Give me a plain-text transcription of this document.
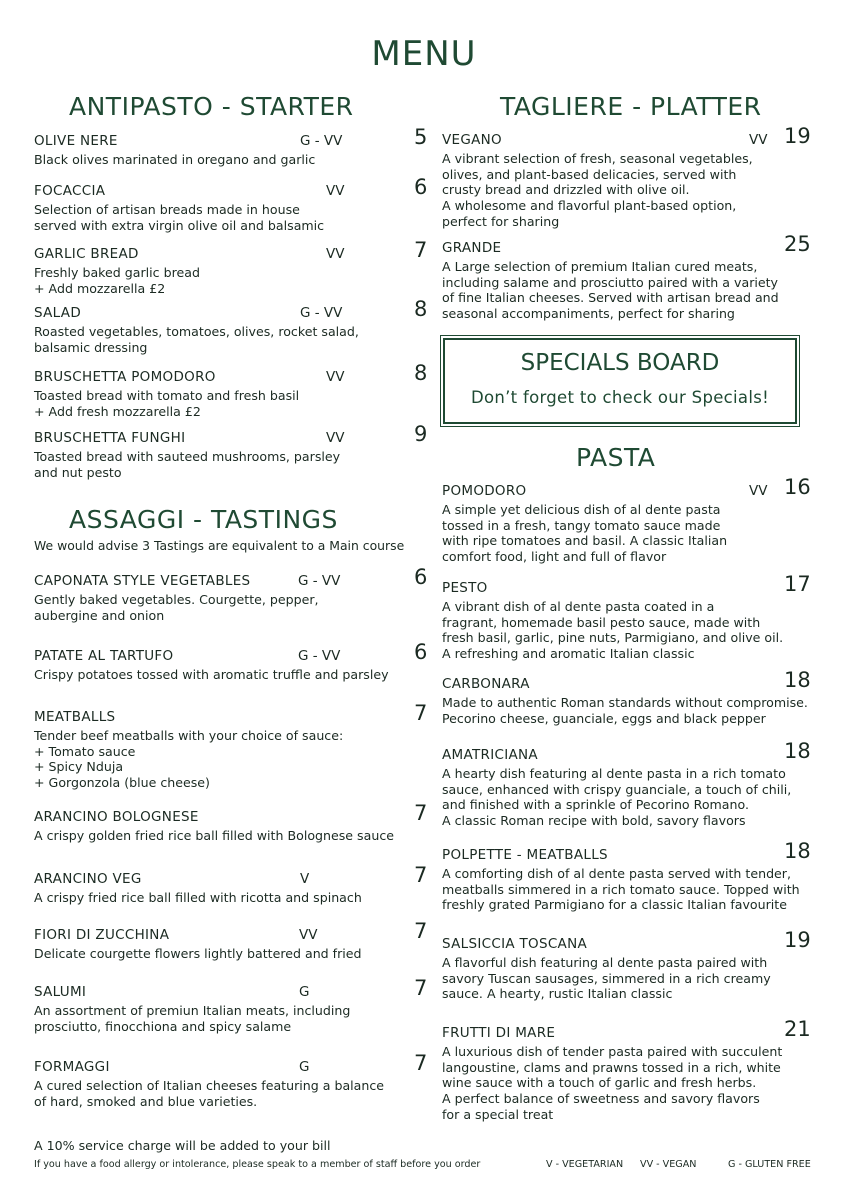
MENU
ANTIPASTO - STARTER
ASSAGGI - TASTINGS
We would advise 3 Tastings are equivalent to a Main course
TAGLIERE - PLATTER
SPECIALS BOARD
Don’t forget to check our Specials!
PASTA
OLIVE NERE	G - VV	5
Black olives marinated in oregano and garlic
FOCACCIA	VV	6
Selection of artisan breads made in house
served with extra virgin olive oil and balsamic
GARLIC BREAD	VV	7
Freshly baked garlic bread
+ Add mozzarella £2
SALAD	G - VV	8
Roasted vegetables, tomatoes, olives, rocket salad,
balsamic dressing
BRUSCHETTA POMODORO	VV	8
Toasted bread with tomato and fresh basil
+ Add fresh mozzarella £2
BRUSCHETTA FUNGHI	VV	9
Toasted bread with sauteed mushrooms, parsley
and nut pesto
CAPONATA STYLE VEGETABLES	G - VV	6
Gently baked vegetables. Courgette, pepper,
aubergine and onion
PATATE AL TARTUFO	G - VV	6
Crispy potatoes tossed with aromatic truffle and parsley
MEATBALLS	7
Tender beef meatballs with your choice of sauce:
+ Tomato sauce
+ Spicy Nduja
+ Gorgonzola (blue cheese)
ARANCINO BOLOGNESE	7
A crispy golden fried rice ball filled with Bolognese sauce
ARANCINO VEG	V	7
A crispy fried rice ball filled with ricotta and spinach
FIORI DI ZUCCHINA	VV	7
Delicate courgette flowers lightly battered and fried
SALUMI	G	7
An assortment of premiun Italian meats, including
prosciutto, finocchiona and spicy salame
FORMAGGI	G	7
A cured selection of Italian cheeses featuring a balance
of hard, smoked and blue varieties.
VEGANO	VV 19
A vibrant selection of fresh, seasonal vegetables,
olives, and plant-based delicacies, served with
crusty bread and drizzled with olive oil.
A wholesome and flavorful plant-based option,
perfect for sharing
GRANDE	25
A Large selection of premium Italian cured meats,
including salame and prosciutto paired with a variety
of fine Italian cheeses. Served with artisan bread and
seasonal accompaniments, perfect for sharing
POMODORO	VV 16
A simple yet delicious dish of al dente pasta
tossed in a fresh, tangy tomato sauce made
with ripe tomatoes and basil. A classic Italian
comfort food, light and full of flavor
PESTO	17
A vibrant dish of al dente pasta coated in a
fragrant, homemade basil pesto sauce, made with
fresh basil, garlic, pine nuts, Parmigiano, and olive oil.
A refreshing and aromatic Italian classic
CARBONARA	18
Made to authentic Roman standards without compromise.
Pecorino cheese, guanciale, eggs and black pepper
AMATRICIANA	18
A hearty dish featuring al dente pasta in a rich tomato
sauce, enhanced with crispy guanciale, a touch of chili,
and finished with a sprinkle of Pecorino Romano.
A classic Roman recipe with bold, savory flavors
POLPETTE - MEATBALLS	18
A comforting dish of al dente pasta served with tender,
meatballs simmered in a rich tomato sauce. Topped with
freshly grated Parmigiano for a classic Italian favourite
SALSICCIA TOSCANA	19
A flavorful dish featuring al dente pasta paired with
savory Tuscan sausages, simmered in a rich creamy
sauce. A hearty, rustic Italian classic
FRUTTI DI MARE	21
A luxurious dish of tender pasta paired with succulent
langoustine, clams and prawns tossed in a rich, white
wine sauce with a touch of garlic and fresh herbs.
A perfect balance of sweetness and savory flavors
for a special treat
A 10% service charge will be added to your bill
If you have a food allergy or intolerance, please speak to a member of staff before you order	V - VEGETARIAN VV - VEGAN	G - GLUTEN FREE
